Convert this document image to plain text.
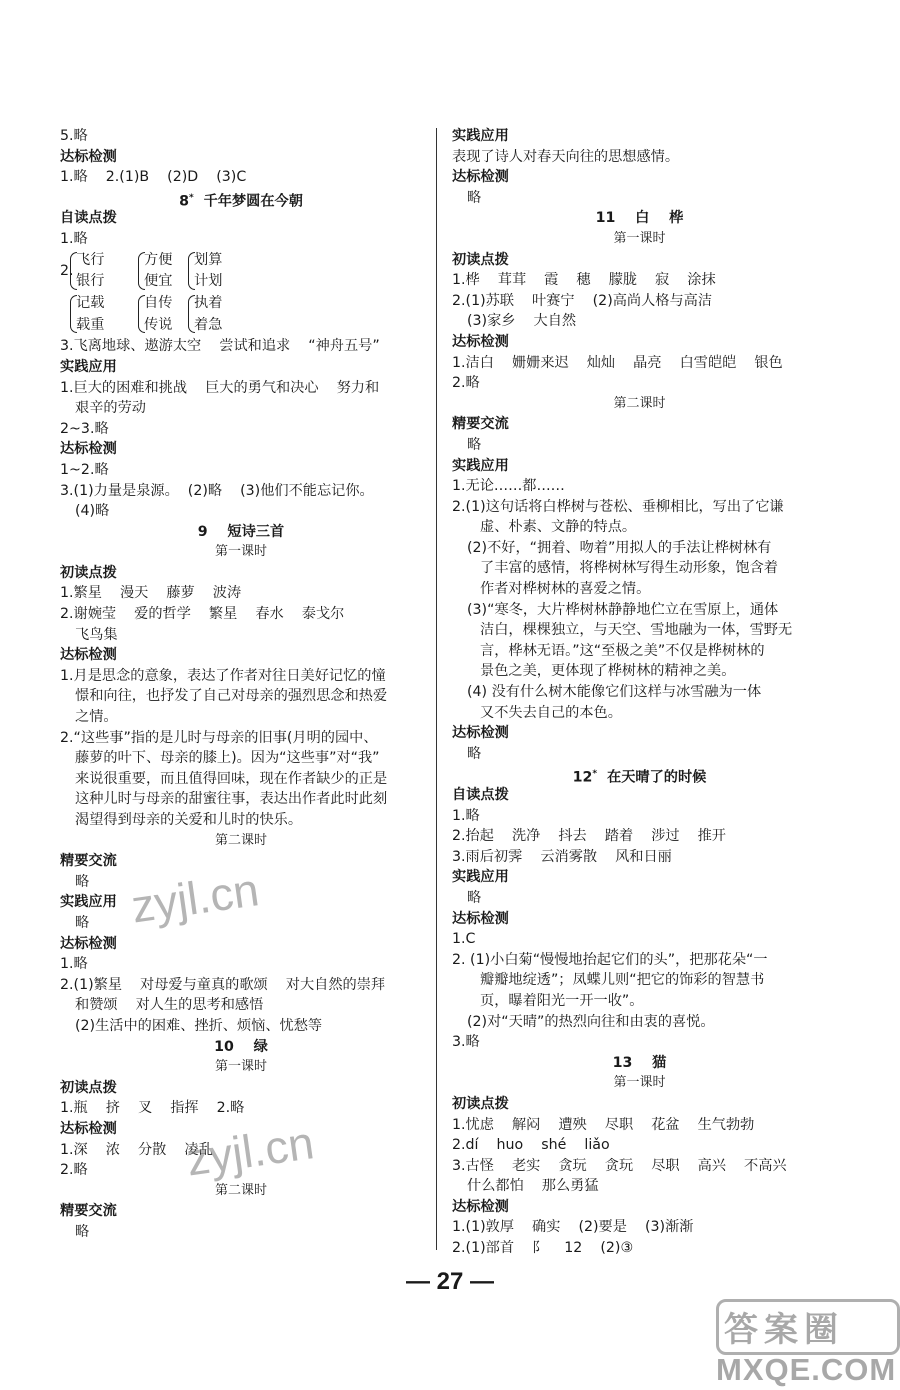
5.略
达标检测
1.略    2.(1)B    (2)D    (3)C
8*  千年梦圆在今朝
自读点拨
1.略
2.
飞行
银行
方便
便宜
划算
计划
记载
载重
自传
传说
执着
着急
3.飞离地球、遨游太空    尝试和追求    “神舟五号”
实践应用
1.巨大的困难和挑战    巨大的勇气和决心    努力和
艰辛的劳动
2~3.略
达标检测
1~2.略
3.(1)力量是泉源。  (2)略    (3)他们不能忘记你。
(4)略
9    短诗三首
第一课时
初读点拨
1.繁星    漫天    藤萝    波涛
2.谢婉莹    爱的哲学    繁星    春水    泰戈尔
飞鸟集
达标检测
1.月是思念的意象，表达了作者对往日美好记忆的憧
憬和向往，也抒发了自己对母亲的强烈思念和热爱
之情。
2.“这些事”指的是儿时与母亲的旧事(月明的园中、
藤萝的叶下、母亲的膝上)。因为“这些事”对“我”
来说很重要，而且值得回味，现在作者缺少的正是
这种儿时与母亲的甜蜜往事，表达出作者此时此刻
渴望得到母亲的关爱和儿时的快乐。
第二课时
精要交流
略
实践应用
略
达标检测
1.略
2.(1)繁星    对母爱与童真的歌颂    对大自然的崇拜
和赞颂    对人生的思考和感悟
(2)生活中的困难、挫折、烦恼、忧愁等
10    绿
第一课时
初读点拨
1.瓶    挤    叉    指挥    2.略
达标检测
1.深    浓    分散    凌乱
2.略
第二课时
精要交流
略
实践应用
表现了诗人对春天向往的思想感情。
达标检测
略
11    白    桦
第一课时
初读点拨
1.桦    茸茸    霞    穗    朦胧    寂    涂抹
2.(1)苏联    叶赛宁    (2)高尚人格与高洁
(3)家乡    大自然
达标检测
1.洁白    姗姗来迟    灿灿    晶亮    白雪皑皑    银色
2.略
第二课时
精要交流
略
实践应用
1.无论……都……
2.(1)这句话将白桦树与苍松、垂柳相比，写出了它谦
虚、朴素、文静的特点。
(2)不好，“拥着、吻着”用拟人的手法让桦树林有
了丰富的感情，将桦树林写得生动形象，饱含着
作者对桦树林的喜爱之情。
(3)“寒冬，大片桦树林静静地伫立在雪原上，通体
洁白，棵棵独立，与天空、雪地融为一体，雪野无
言，桦林无语。”这“至极之美”不仅是桦树林的
景色之美，更体现了桦树林的精神之美。
(4) 没有什么树木能像它们这样与冰雪融为一体
又不失去自己的本色。
达标检测
略
12*  在天晴了的时候
自读点拨
1.略
2.抬起    洗净    抖去    踏着    涉过    推开
3.雨后初霁    云消雾散    风和日丽
实践应用
略
达标检测
1.C
2. (1)小白菊“慢慢地抬起它们的头”，把那花朵“一
瓣瓣地绽透”；凤蝶儿则“把它的饰彩的智慧书
页，曝着阳光一开一收”。
(2)对“天晴”的热烈向往和由衷的喜悦。
3.略
13    猫
第一课时
初读点拨
1.忧虑    解闷    遭殃    尽职    花盆    生气勃勃
2.dí    huo    shé    liǎo
3.古怪    老实    贪玩    贪玩    尽职    高兴    不高兴
什么都怕    那么勇猛
达标检测
1.(1)敦厚    确实    (2)要是    (3)渐渐
2.(1)部首    阝    12    (2)③
zyjl.cn
zyjl.cn
— 27 —
答案圈
MXQE.COM
